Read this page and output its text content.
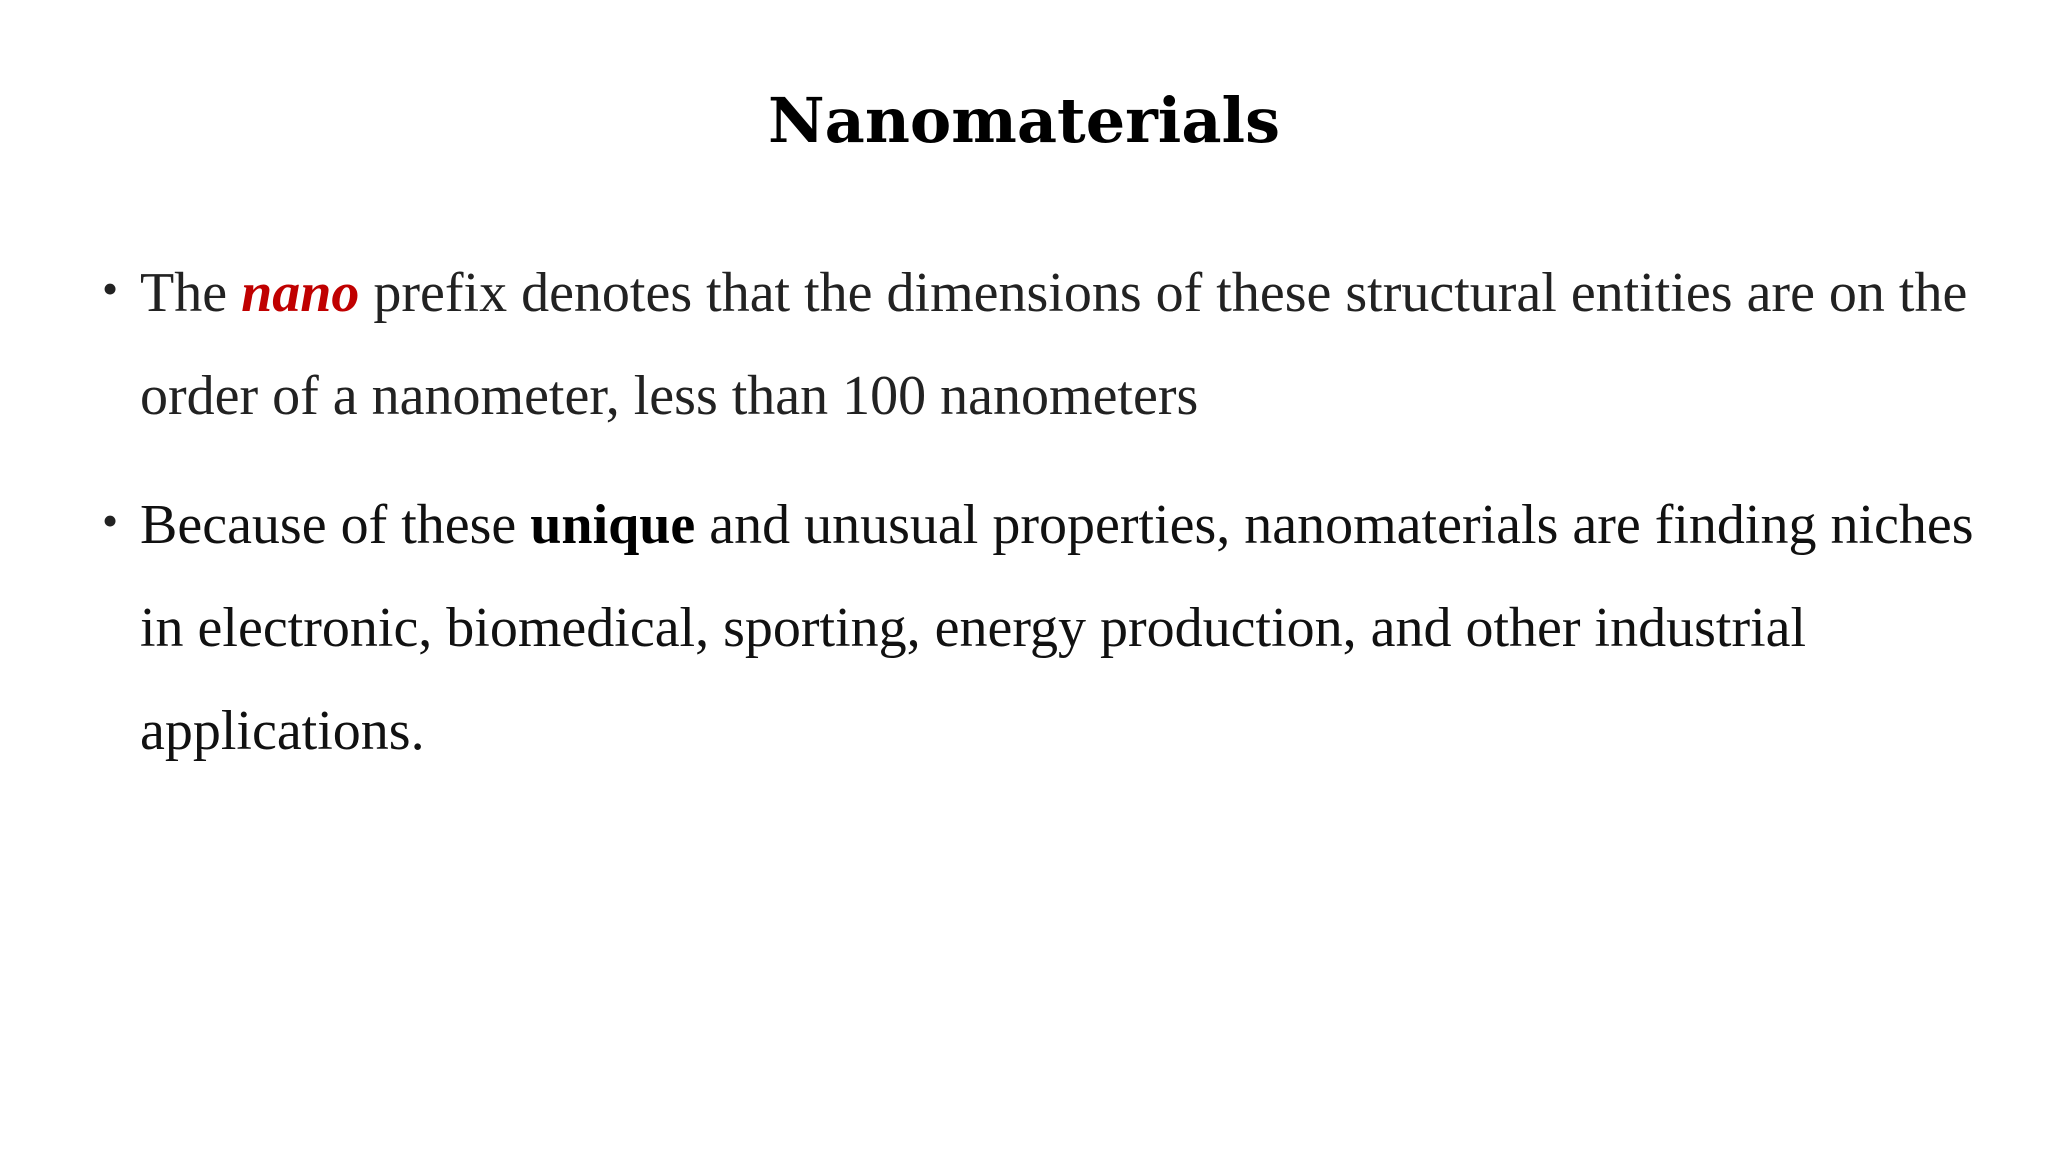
Nanomaterials
• The nano prefix denotes that the dimensions of these structural entities are on the order of a nanometer, less than 100 nanometers
• Because of these unique and unusual properties, nanomaterials are finding niches in electronic, biomedical, sporting, energy production, and other industrial applications.
